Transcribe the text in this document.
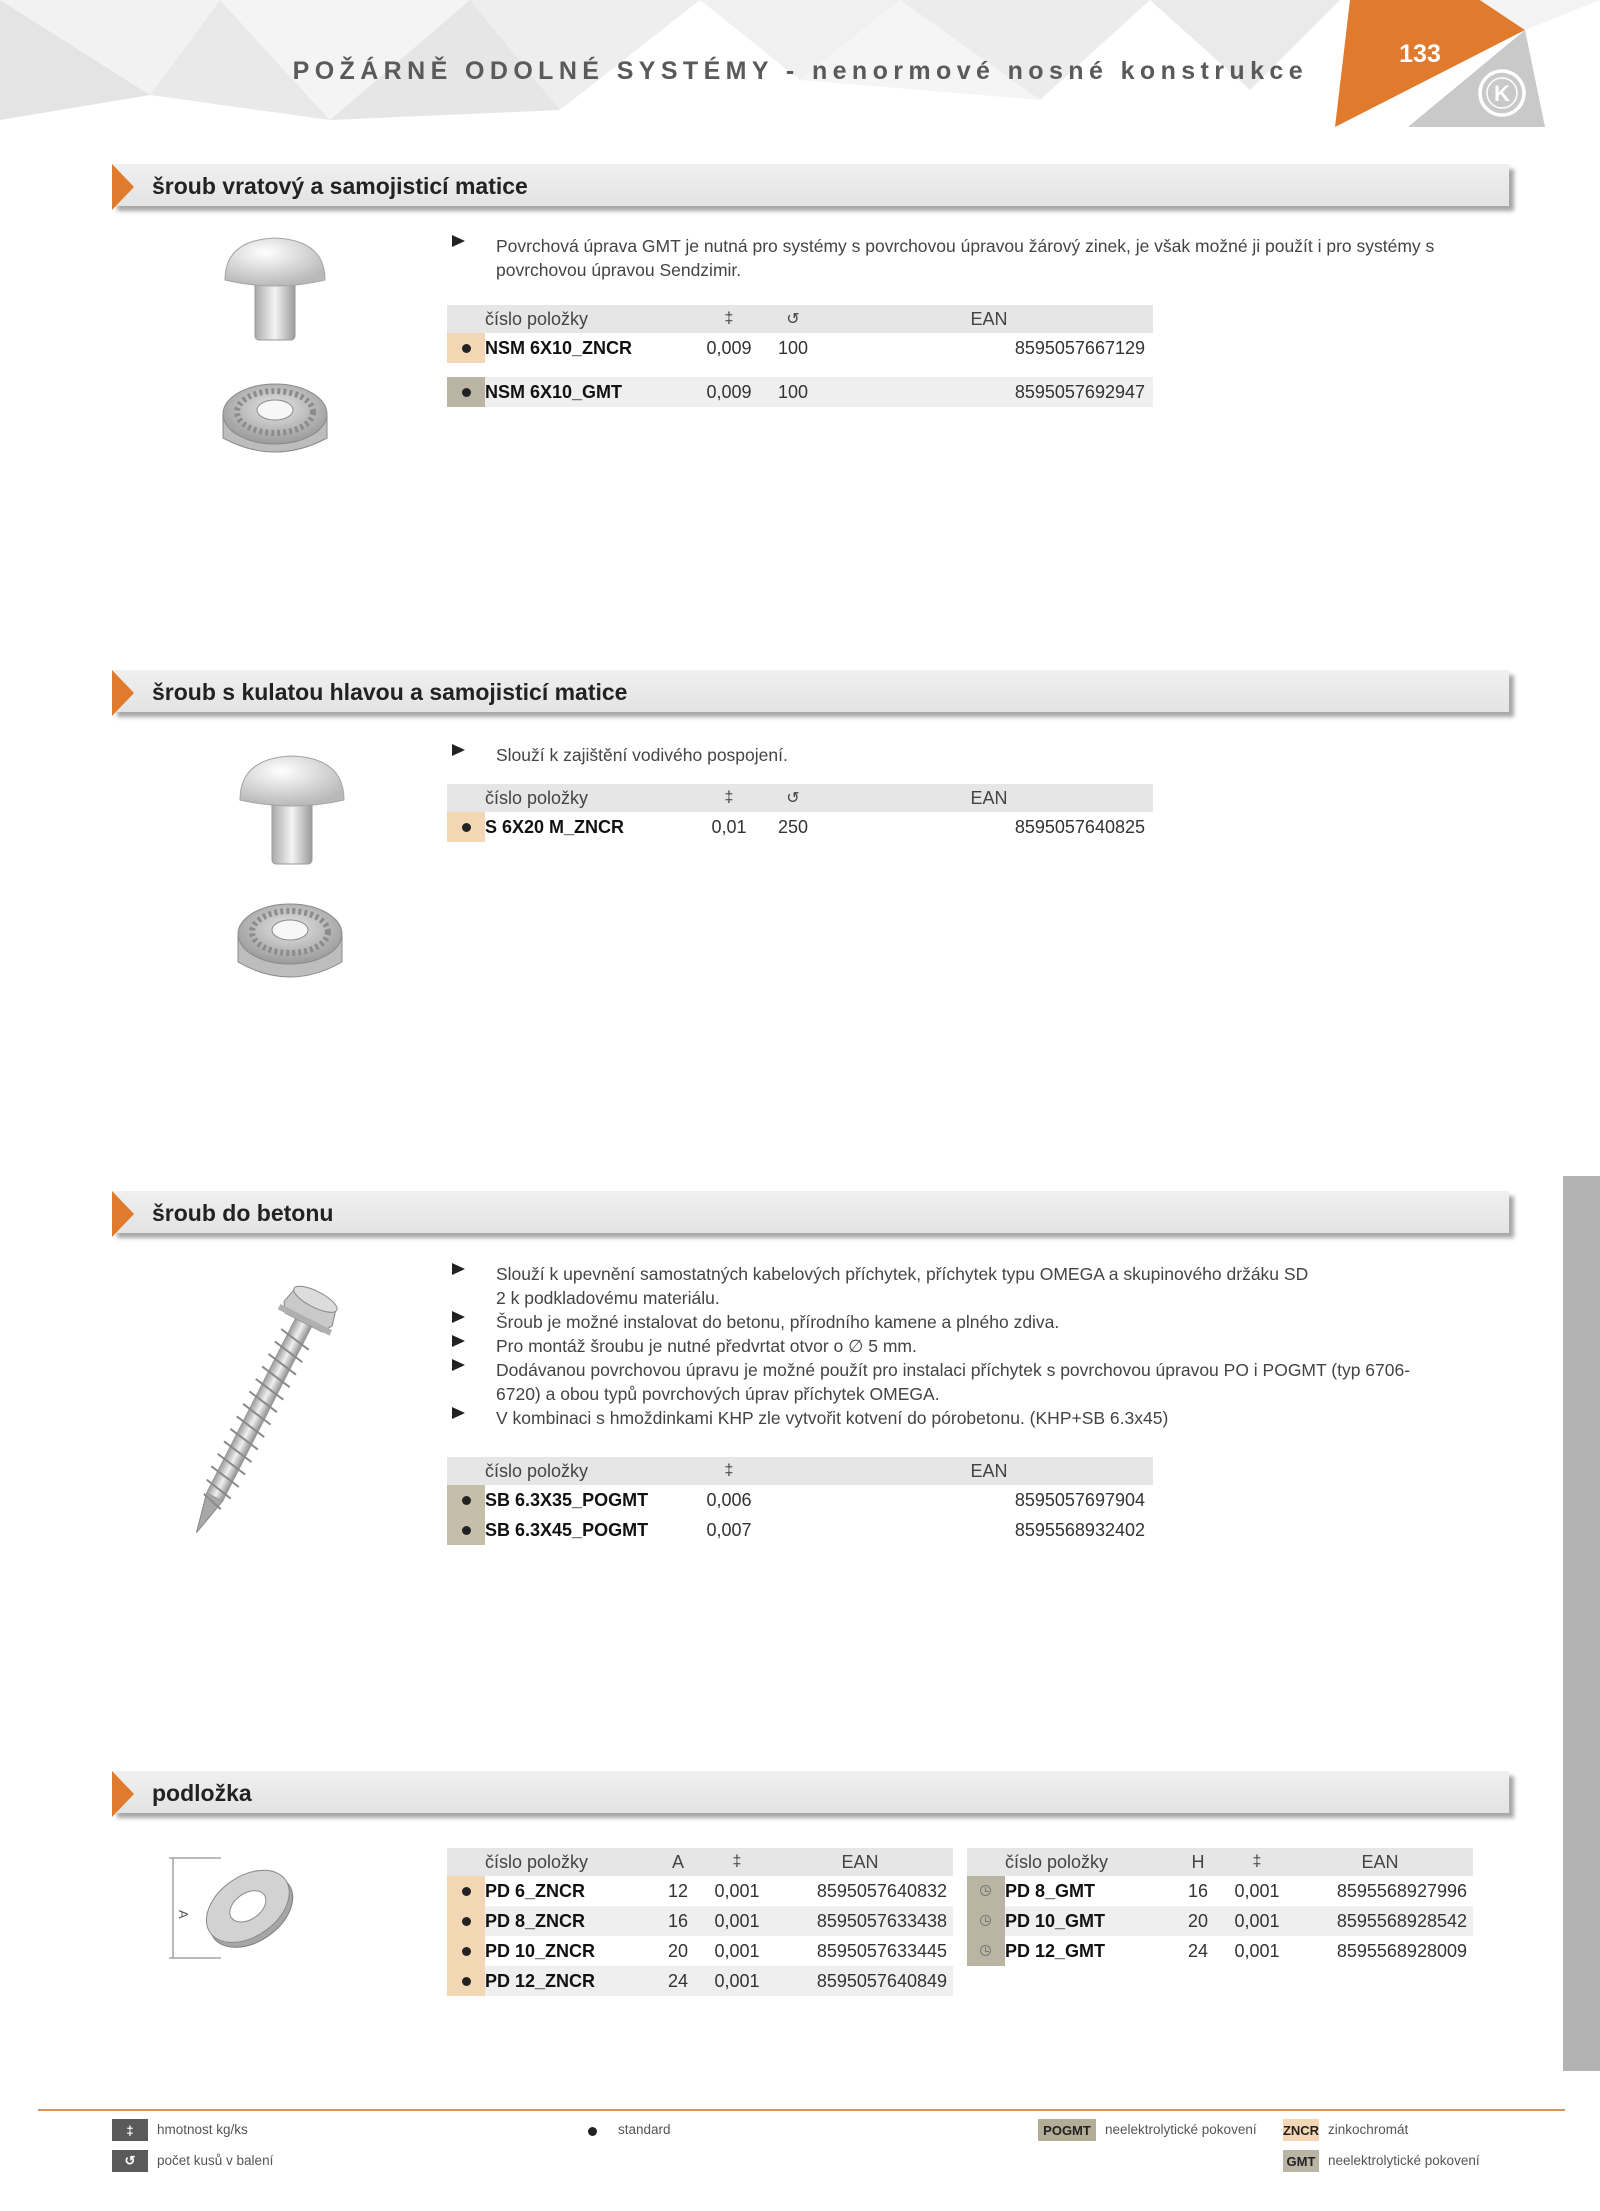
POŽÁRNĚ ODOLNÉ SYSTÉMY - nenormové nosné konstrukce
133
K
šroub vratový a samojisticí matice
Povrchová úprava GMT je nutná pro systémy s povrchovou úpravou žárový zinek, je však možné ji použít i pro systémy s povrchovou úpravou Sendzimir.
	číslo položky	‡	↺	EAN

	NSM 6X10_ZNCR	0,009	100	8595057667129

	NSM 6X10_GMT	0,009	100	8595057692947
šroub s kulatou hlavou a samojisticí matice
Slouží k zajištění vodivého pospojení.
	číslo položky	‡	↺	EAN

	S 6X20 M_ZNCR	0,01	250	8595057640825
šroub do betonu
Slouží k upevnění samostatných kabelových příchytek, příchytek typu OMEGA a skupinového držáku SD 2 k podkladovému materiálu.
Šroub je možné instalovat do betonu, přírodního kamene a plného zdiva.
Pro montáž šroubu je nutné předvrtat otvor o ∅ 5 mm.
Dodávanou povrchovou úpravu je možné použít pro instalaci příchytek s povrchovou úpravou PO i POGMT (typ 6706-6720) a obou typů povrchových úprav příchytek OMEGA.
V kombinaci s hmoždinkami KHP zle vytvořit kotvení do pórobetonu. (KHP+SB 6.3x45)
	číslo položky	‡		EAN

	SB 6.3X35_POGMT	0,006		8595057697904

	SB 6.3X45_POGMT	0,007		8595568932402
podložka
A
	číslo položky	A	‡	EAN

	PD 6_ZNCR	12	0,001	8595057640832

	PD 8_ZNCR	16	0,001	8595057633438

	PD 10_ZNCR	20	0,001	8595057633445

	PD 12_ZNCR	24	0,001	8595057640849
	číslo položky	H	‡	EAN

	PD 8_GMT	16	0,001	8595568927996

	PD 10_GMT	20	0,001	8595568928542

	PD 12_GMT	24	0,001	8595568928009
‡ hmotnost kg/ks
↺ počet kusů v balení
standard	POGMT	neelektrolytické pokovení ZNCR zinkochromát
GMT neelektrolytické pokovení
